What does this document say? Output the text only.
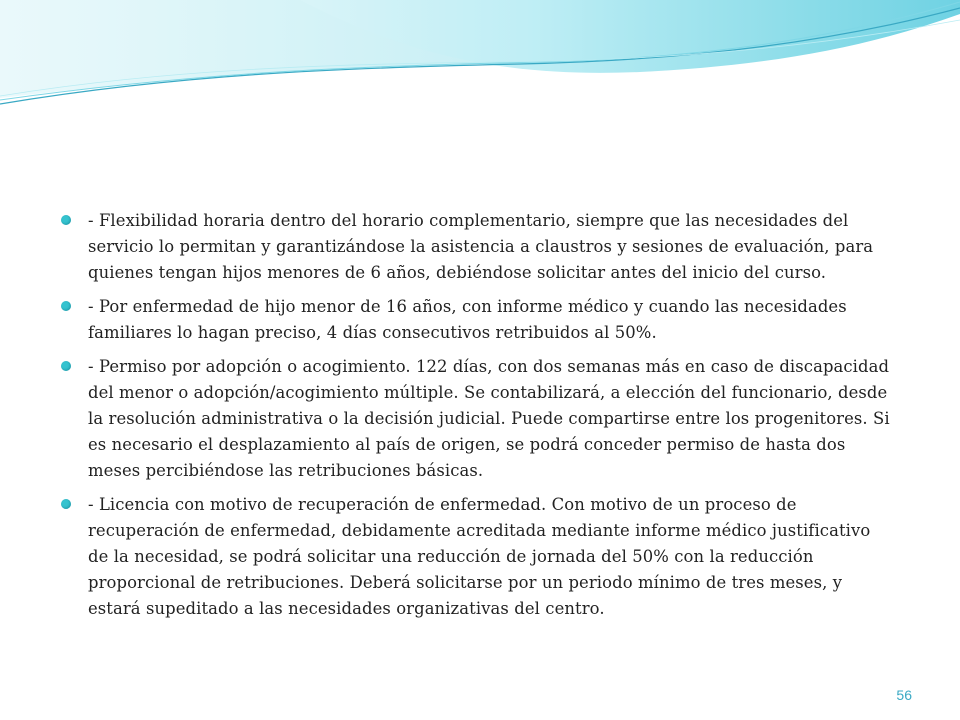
- Flexibilidad horaria dentro del horario complementario, siempre que las necesidades del servicio lo permitan y garantizándose la asistencia a claustros y sesiones de evaluación, para quienes tengan hijos menores de 6 años, debiéndose solicitar antes del inicio del curso.
- Por enfermedad de hijo menor de 16 años, con informe médico y cuando las necesidades familiares lo hagan preciso, 4 días consecutivos retribuidos al 50%.
- Permiso por adopción o acogimiento. 122 días, con dos semanas más en caso de discapacidad del menor o adopción/acogimiento múltiple. Se contabilizará, a elección del funcionario, desde la resolución administrativa o la decisión judicial. Puede compartirse entre los progenitores. Si es necesario el desplazamiento al país de origen, se podrá conceder permiso de hasta dos meses percibiéndose las retribuciones básicas.
- Licencia con motivo de recuperación de enfermedad. Con motivo de un proceso de recuperación de enfermedad, debidamente acreditada mediante informe médico justificativo de la necesidad, se podrá solicitar una reducción de jornada del 50% con la reducción proporcional de retribuciones. Deberá solicitarse por un periodo mínimo de tres meses, y estará supeditado a las necesidades organizativas del centro.
56
